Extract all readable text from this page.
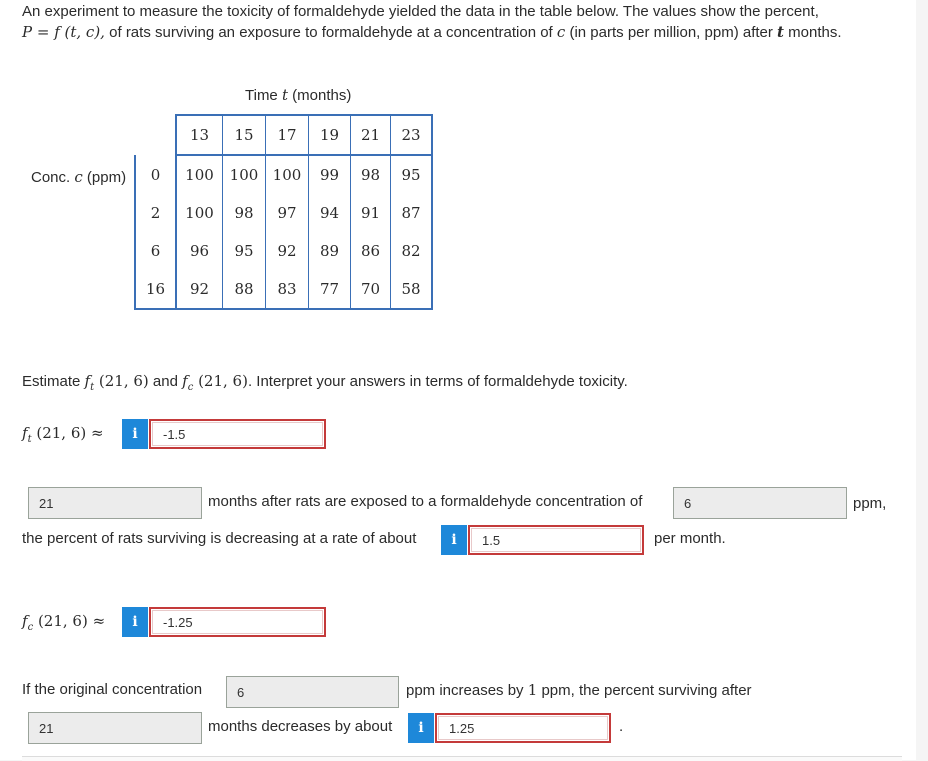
An experiment to measure the toxicity of formaldehyde yielded the data in the table below. The values show the percent,
P = f (t, c), of rats surviving an exposure to formaldehyde at a concentration of c (in parts per million, ppm) after t months.
Time t (months)
Conc. c (ppm)
	13	15	17	19	21	23
0	100	100	100	99	98	95
2	100	98	97	94	91	87
6	96	95	92	89	86	82
16	92	88	83	77	70	58
Estimate $f_t$ (21, 6) and $f_c$ (21, 6). Interpret your answers in terms of formaldehyde toxicity.
$f_t$ (21, 6) ≈	i	-1.5
21	months after rats are exposed to a formaldehyde concentration of	6	ppm,
the percent of rats surviving is decreasing at a rate of about	i	1.5	per month.
$f_c$ (21, 6) ≈	i	-1.25
If the original concentration	6	ppm increases by 1 ppm, the percent surviving after
21	months decreases by about	i	1.25	.
